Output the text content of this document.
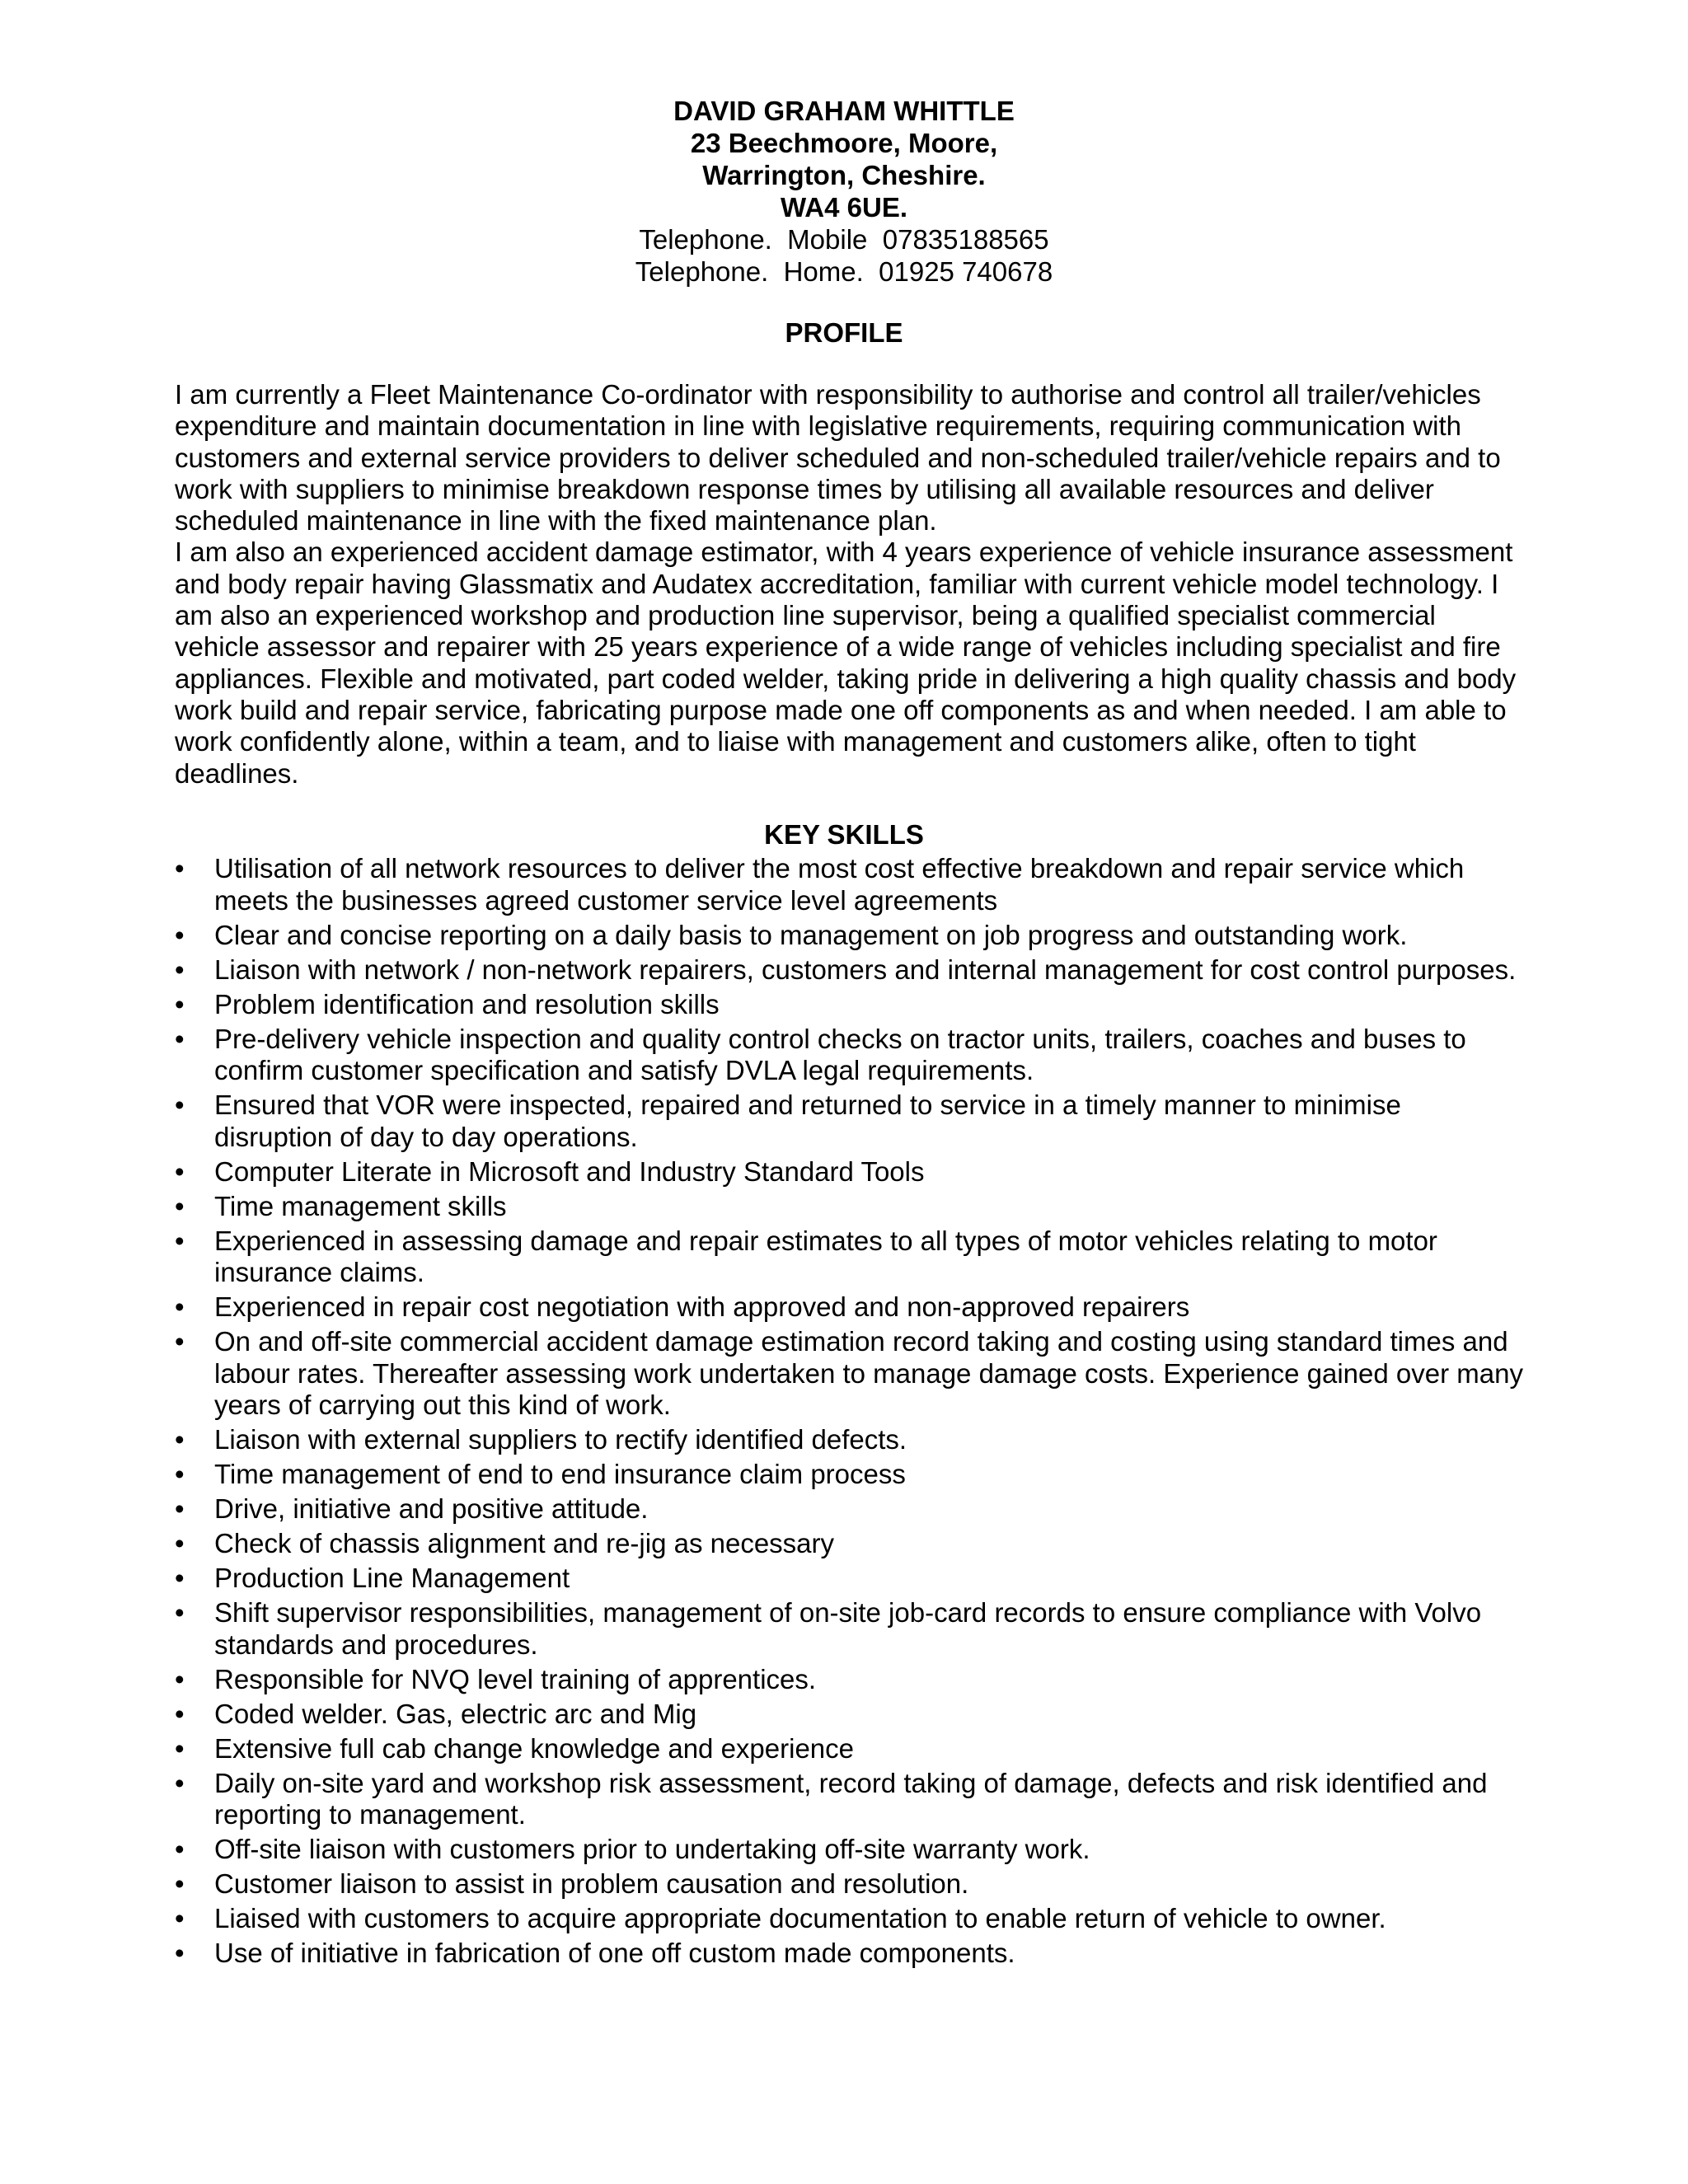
DAVID GRAHAM WHITTLE
23 Beechmoore, Moore,
Warrington, Cheshire.
WA4 6UE.
Telephone.  Mobile  07835188565
Telephone.  Home.  01925 740678
PROFILE

I am currently a Fleet Maintenance Co-ordinator with responsibility to authorise and control all trailer/vehicles expenditure and maintain documentation in line with legislative requirements, requiring communication with customers and external service providers to deliver scheduled and non-scheduled trailer/vehicle repairs and to work with suppliers to minimise breakdown response times by utilising all available resources and deliver scheduled maintenance in line with the fixed maintenance plan.

I am also an experienced accident damage estimator, with 4 years experience of vehicle insurance assessment and body repair having Glassmatix and Audatex accreditation, familiar with current vehicle model technology. I am also an experienced workshop and production line supervisor, being a qualified specialist commercial vehicle assessor and repairer with 25 years experience of a wide range of vehicles including specialist and fire appliances. Flexible and motivated, part coded welder, taking pride in delivering a high quality chassis and body work build and repair service, fabricating purpose made one off components as and when needed. I am able to work confidently alone, within a team, and to liaise with management and customers alike, often to tight deadlines.

KEY SKILLS
•	Utilisation of all network resources to deliver the most cost effective breakdown and repair service which meets the businesses agreed customer service level agreements
•	Clear and concise reporting on a daily basis to management on job progress and outstanding work.
•	Liaison with network / non-network repairers, customers and internal management for cost control purposes.
•	Problem identification and resolution skills
•	Pre-delivery vehicle inspection and quality control checks on tractor units, trailers, coaches and buses to confirm customer specification and satisfy DVLA legal requirements.
•	Ensured that VOR were inspected, repaired and returned to service in a timely manner to minimise disruption of day to day operations.
•	Computer Literate in Microsoft and Industry Standard Tools
•	Time management skills
•	Experienced in assessing damage and repair estimates to all types of motor vehicles relating to motor insurance claims.
•	Experienced in repair cost negotiation with approved and non-approved repairers
•	On and off-site commercial accident damage estimation record taking and costing using standard times and labour rates. Thereafter assessing work undertaken to manage damage costs. Experience gained over many years of carrying out this kind of work.
•	Liaison with external suppliers to rectify identified defects.
•	Time management of end to end insurance claim process
•	Drive, initiative and positive attitude.
•	Check of chassis alignment and re-jig as necessary
•	Production Line Management
•	Shift supervisor responsibilities, management of on-site job-card records to ensure compliance with Volvo standards and procedures.
•	Responsible for NVQ level training of apprentices.
•	Coded welder. Gas, electric arc and Mig
•	Extensive full cab change knowledge and experience
•	Daily on-site yard and workshop risk assessment, record taking of damage, defects and risk identified and reporting to management.
•	Off-site liaison with customers prior to undertaking off-site warranty work.
•	Customer liaison to assist in problem causation and resolution.
•	Liaised with customers to acquire appropriate documentation to enable return of vehicle to owner.
•	Use of initiative in fabrication of one off custom made components.
